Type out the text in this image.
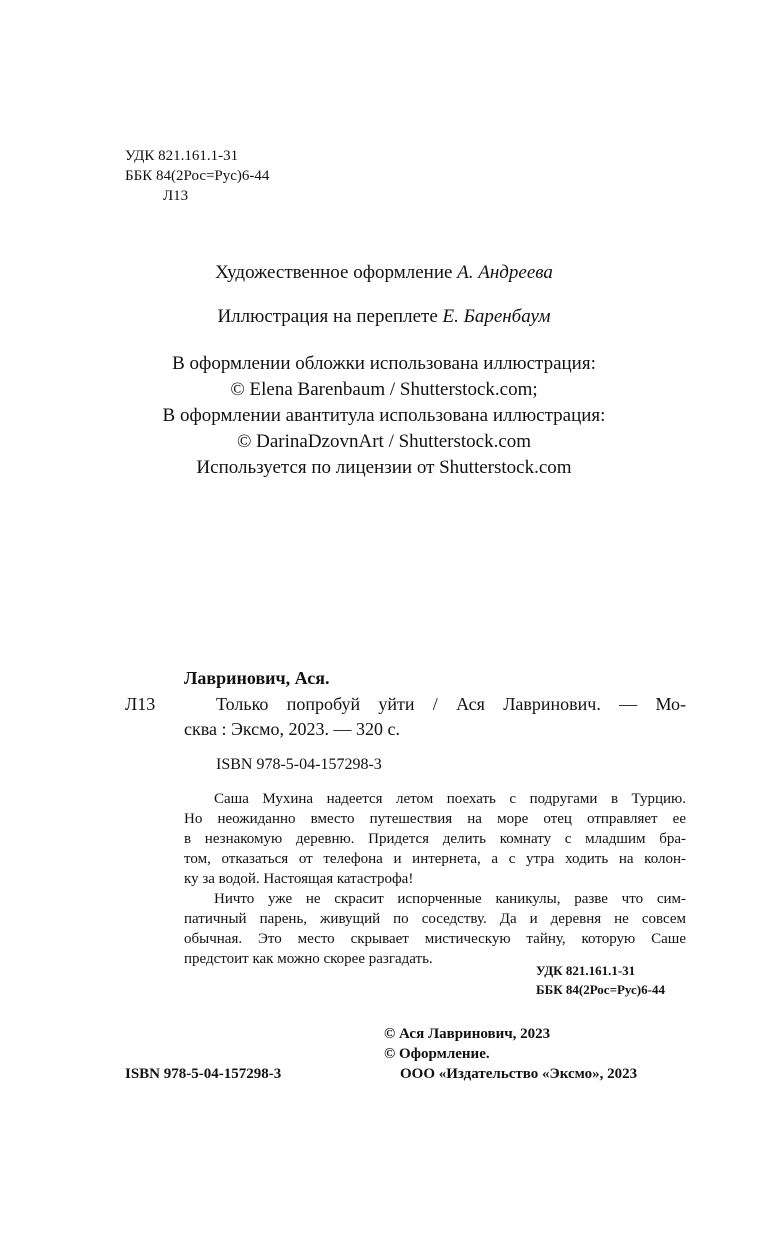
УДК 821.161.1-31
ББК 84(2Рос=Рус)6-44
Л13
Художественное оформление А. Андреева
Иллюстрация на переплете Е. Баренбаум
В оформлении обложки использована иллюстрация:
© Elena Barenbaum / Shutterstock.com;
В оформлении авантитула использована иллюстрация:
© DarinaDzovnArt / Shutterstock.com
Используется по лицензии от Shutterstock.com
Лавринович, Ася.
Л13	Только попробуй уйти / Ася Лавринович. — Мо-
сква : Эксмо, 2023. — 320 с.
ISBN 978-5-04-157298-3
Саша Мухина надеется летом поехать с подругами в Турцию.
Но неожиданно вместо путешествия на море отец отправляет ее
в незнакомую деревню. Придется делить комнату с младшим бра-
том, отказаться от телефона и интернета, а с утра ходить на колон-
ку за водой. Настоящая катастрофа!
Ничто уже не скрасит испорченные каникулы, разве что сим-
патичный парень, живущий по соседству. Да и деревня не совсем
обычная. Это место скрывает мистическую тайну, которую Саше
предстоит как можно скорее разгадать.
УДК 821.161.1-31
ББК 84(2Рос=Рус)6-44
© Ася Лавринович, 2023
© Оформление.
ООО «Издательство «Эксмо», 2023
ISBN 978-5-04-157298-3
